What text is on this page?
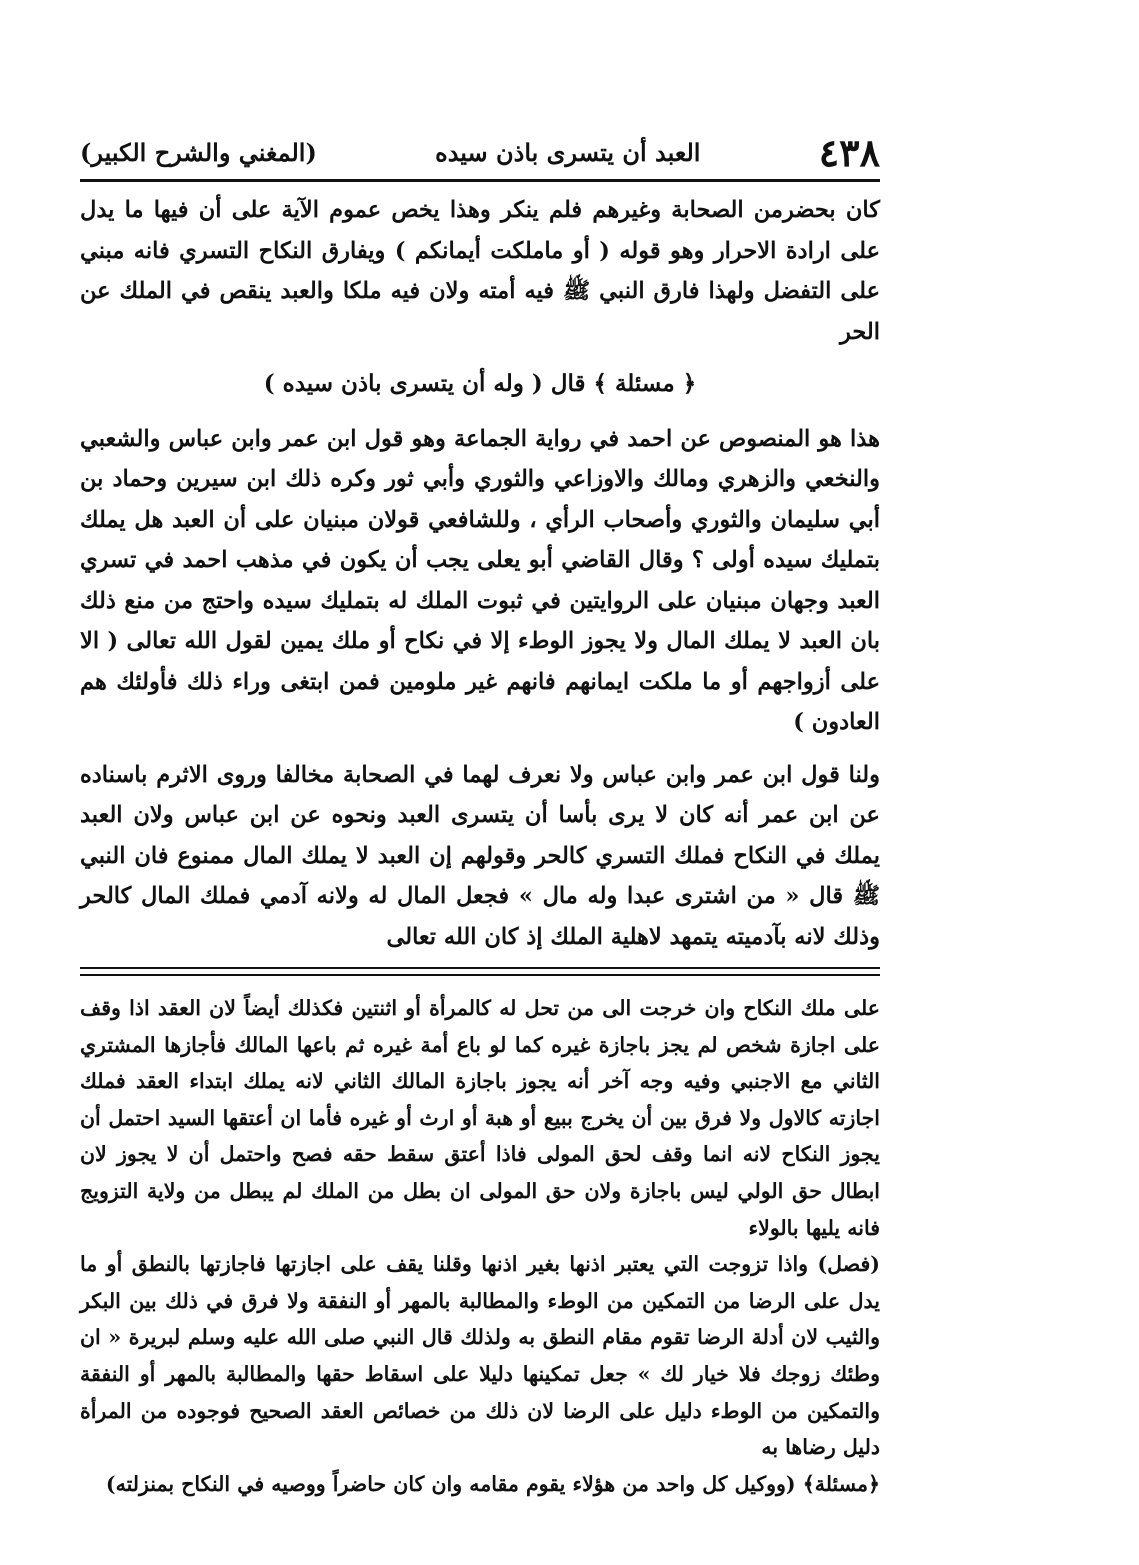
٤٣٨
العبد أن يتسرى باذن سيده
(المغني والشرح الكبير)

كان بحضرمن الصحابة وغيرهم فلم ينكر وهذا يخص عموم الآية على أن فيها ما يدل على ارادة الاحرار وهو قوله ( أو ماملكت أيمانكم ) ويفارق النكاح التسري فانه مبني على التفضل ولهذا فارق النبي ﷺ فيه أمته ولان فيه ملكا والعبد ينقص في الملك عن الحر

﴿ مسئلة ﴾ قال ( وله أن يتسرى باذن سيده )

هذا هو المنصوص عن احمد في رواية الجماعة وهو قول ابن عمر وابن عباس والشعبي والنخعي والزهري ومالك والاوزاعي والثوري وأبي ثور وكره ذلك ابن سيرين وحماد بن أبي سليمان والثوري وأصحاب الرأي ، وللشافعي قولان مبنيان على أن العبد هل يملك بتمليك سيده أولى ؟ وقال القاضي أبو يعلى يجب أن يكون في مذهب احمد في تسري العبد وجهان مبنيان على الروايتين في ثبوت الملك له بتمليك سيده واحتج من منع ذلك بان العبد لا يملك المال ولا يجوز الوطء إلا في نكاح أو ملك يمين لقول الله تعالى ( الا على أزواجهم أو ما ملكت ايمانهم فانهم غير ملومين فمن ابتغى وراء ذلك فأولئك هم العادون )

ولنا قول ابن عمر وابن عباس ولا نعرف لهما في الصحابة مخالفا وروى الاثرم باسناده عن ابن عمر أنه كان لا يرى بأسا أن يتسرى العبد ونحوه عن ابن عباس ولان العبد يملك في النكاح فملك التسري كالحر وقولهم إن العبد لا يملك المال ممنوع فان النبي ﷺ قال « من اشترى عبدا وله مال » فجعل المال له ولانه آدمي فملك المال كالحر وذلك لانه بآدميته يتمهد لاهلية الملك إذ كان الله تعالى

على ملك النكاح وان خرجت الى من تحل له كالمرأة أو اثنتين فكذلك أيضاً لان العقد اذا وقف على اجازة شخص لم يجز باجازة غيره كما لو باع أمة غيره ثم باعها المالك فأجازها المشتري الثاني مع الاجنبي وفيه وجه آخر أنه يجوز باجازة المالك الثاني لانه يملك ابتداء العقد فملك اجازته كالاول ولا فرق بين أن يخرج ببيع أو هبة أو ارث أو غيره فأما ان أعتقها السيد احتمل أن يجوز النكاح لانه انما وقف لحق المولى فاذا أعتق سقط حقه فصح واحتمل أن لا يجوز لان ابطال حق الولي ليس باجازة ولان حق المولى ان بطل من الملك لم يبطل من ولاية التزويج فانه يليها بالولاء

(فصل) واذا تزوجت التي يعتبر اذنها بغير اذنها وقلنا يقف على اجازتها فاجازتها بالنطق أو ما يدل على الرضا من التمكين من الوطء والمطالبة بالمهر أو النفقة ولا فرق في ذلك بين البكر والثيب لان أدلة الرضا تقوم مقام النطق به ولذلك قال النبي صلى الله عليه وسلم لبريرة « ان وطئك زوجك فلا خيار لك » جعل تمكينها دليلا على اسقاط حقها والمطالبة بالمهر أو النفقة والتمكين من الوطء دليل على الرضا لان ذلك من خصائص العقد الصحيح فوجوده من المرأة دليل رضاها به

﴿مسئلة﴾ (ووكيل كل واحد من هؤلاء يقوم مقامه وان كان حاضراً ووصيه في النكاح بمنزلته)
